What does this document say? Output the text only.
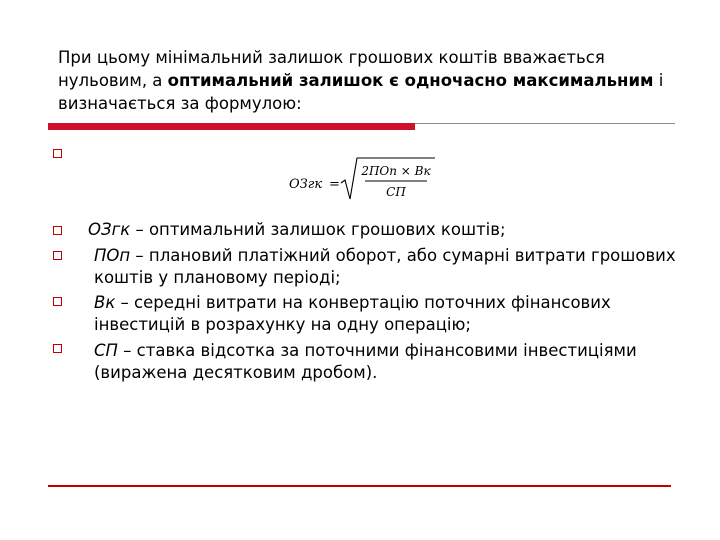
При цьому мінімальний залишок грошових коштів вважається нульовим, а оптимальний залишок є одночасно максимальним і визначається за формулою:
ОЗгк =
2ПОп × Вк
СП
ОЗгк – оптимальний залишок грошових коштів;
ПОп – плановий платіжний оборот, або сумарні витрати грошових коштів у плановому періоді;
Вк – середні витрати на конвертацію поточних фінансових інвестицій в розрахунку на одну операцію;
СП – ставка відсотка за поточними фінансовими інвестиціями (виражена десятковим дробом).
